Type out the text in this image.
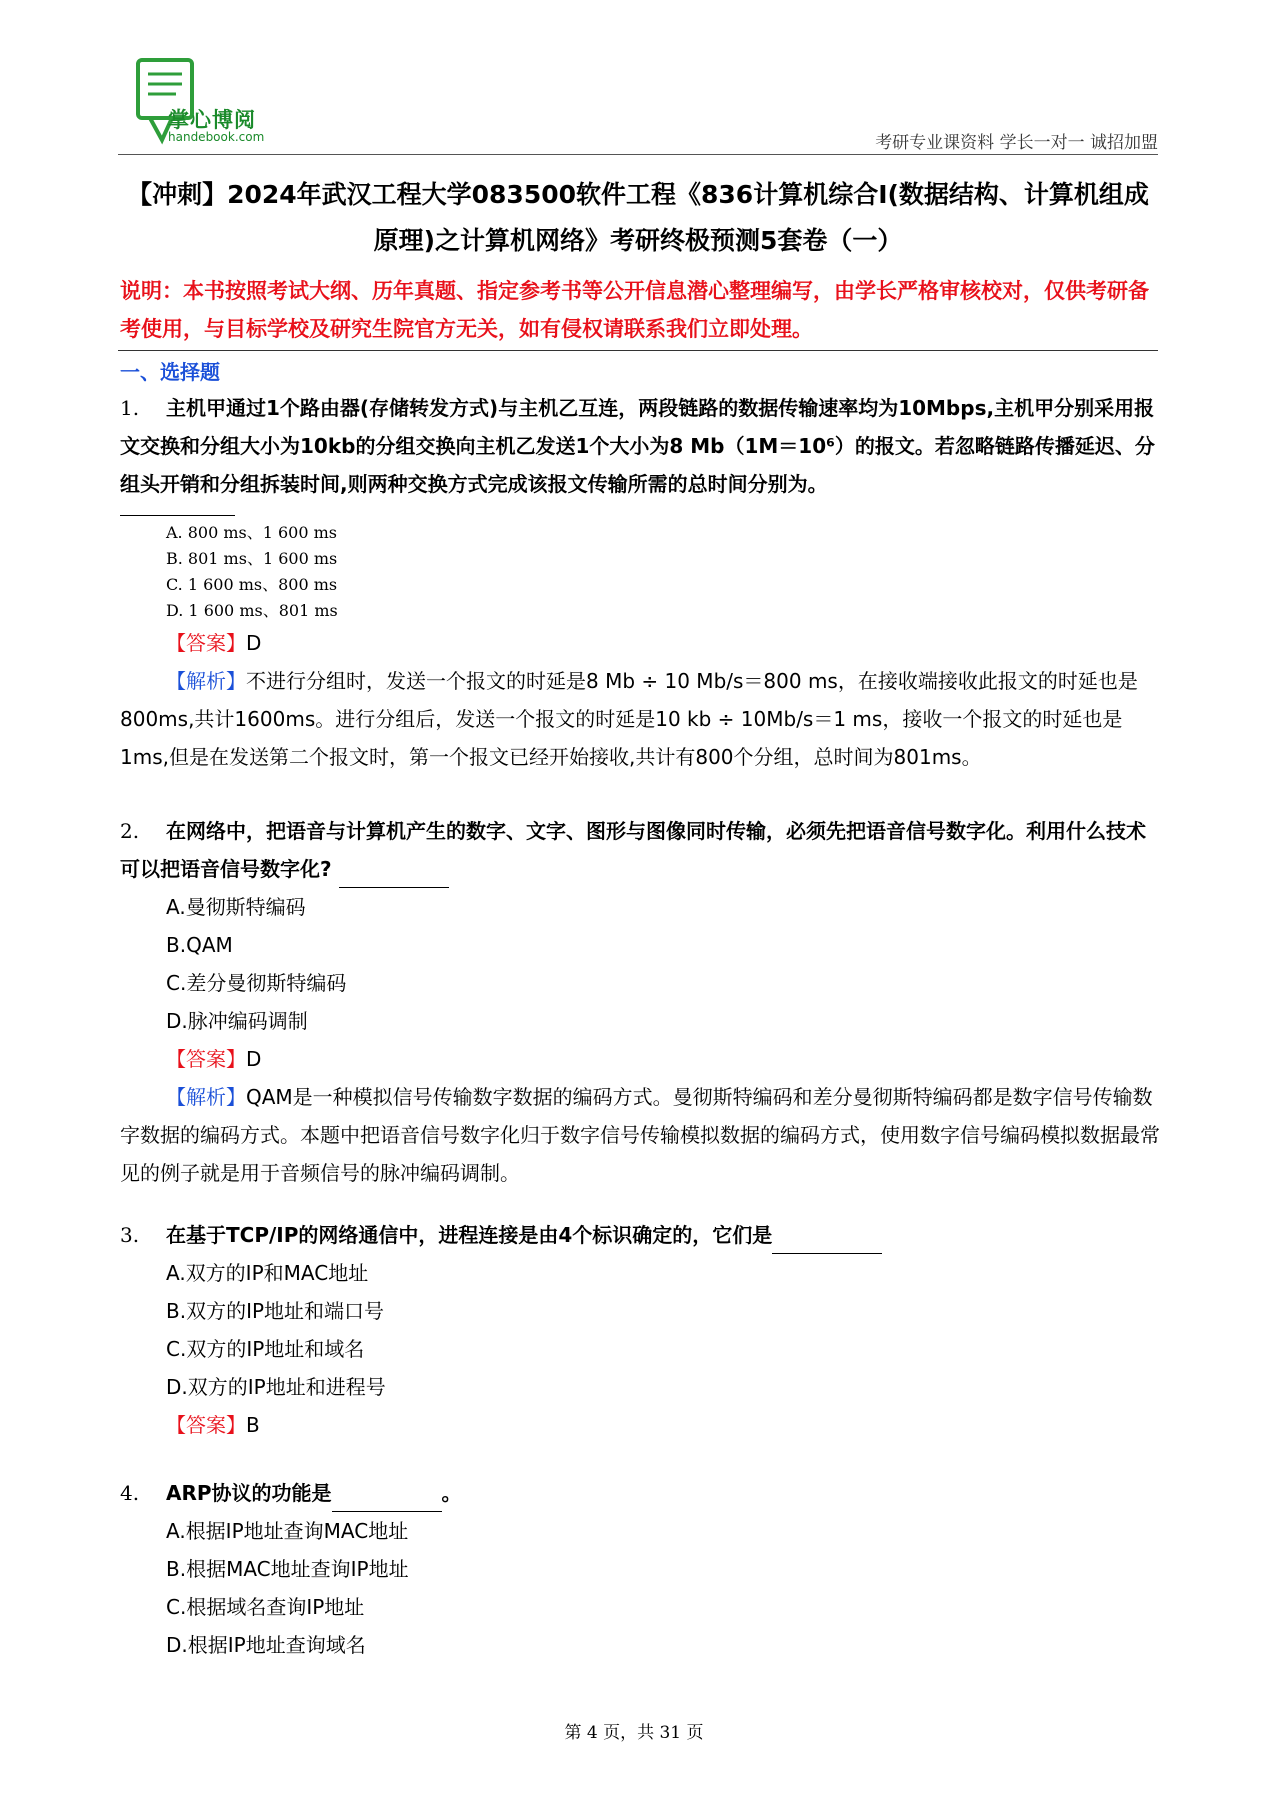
掌心博阅
handebook.com	考研专业课资料 学长一对一 诚招加盟
【冲刺】2024年武汉工程大学083500软件工程《836计算机综合I(数据结构、计算机组成原理)之计算机网络》考研终极预测5套卷（一）
说明：本书按照考试大纲、历年真题、指定参考书等公开信息潜心整理编写，由学长严格审核校对，仅供考研备考使用，与目标学校及研究生院官方无关，如有侵权请联系我们立即处理。
一、选择题
1. 主机甲通过1个路由器(存储转发方式)与主机乙互连，两段链路的数据传输速率均为10Mbps,主机甲分别采用报文交换和分组大小为10kb的分组交换向主机乙发送1个大小为8 Mb（1M＝10⁶）的报文。若忽略链路传播延迟、分组头开销和分组拆装时间,则两种交换方式完成该报文传输所需的总时间分别为。
A. 800 ms、1 600 ms
B. 801 ms、1 600 ms
C. 1 600 ms、800 ms
D. 1 600 ms、801 ms
【答案】D
【解析】不进行分组时，发送一个报文的时延是8 Mb ÷ 10 Mb/s＝800 ms，在接收端接收此报文的时延也是800ms,共计1600ms。进行分组后，发送一个报文的时延是10 kb ÷ 10Mb/s＝1 ms，接收一个报文的时延也是1ms,但是在发送第二个报文时，第一个报文已经开始接收,共计有800个分组，总时间为801ms。
2. 在网络中，把语音与计算机产生的数字、文字、图形与图像同时传输，必须先把语音信号数字化。利用什么技术可以把语音信号数字化?
A.曼彻斯特编码
B.QAM
C.差分曼彻斯特编码
D.脉冲编码调制
【答案】D
【解析】QAM是一种模拟信号传输数字数据的编码方式。曼彻斯特编码和差分曼彻斯特编码都是数字信号传输数字数据的编码方式。本题中把语音信号数字化归于数字信号传输模拟数据的编码方式，使用数字信号编码模拟数据最常见的例子就是用于音频信号的脉冲编码调制。
3. 在基于TCP/IP的网络通信中，进程连接是由4个标识确定的，它们是
A.双方的IP和MAC地址
B.双方的IP地址和端口号
C.双方的IP地址和域名
D.双方的IP地址和进程号
【答案】B
4. ARP协议的功能是	。
A.根据IP地址查询MAC地址
B.根据MAC地址查询IP地址
C.根据域名查询IP地址
D.根据IP地址查询域名
第 4 页，共 31 页
